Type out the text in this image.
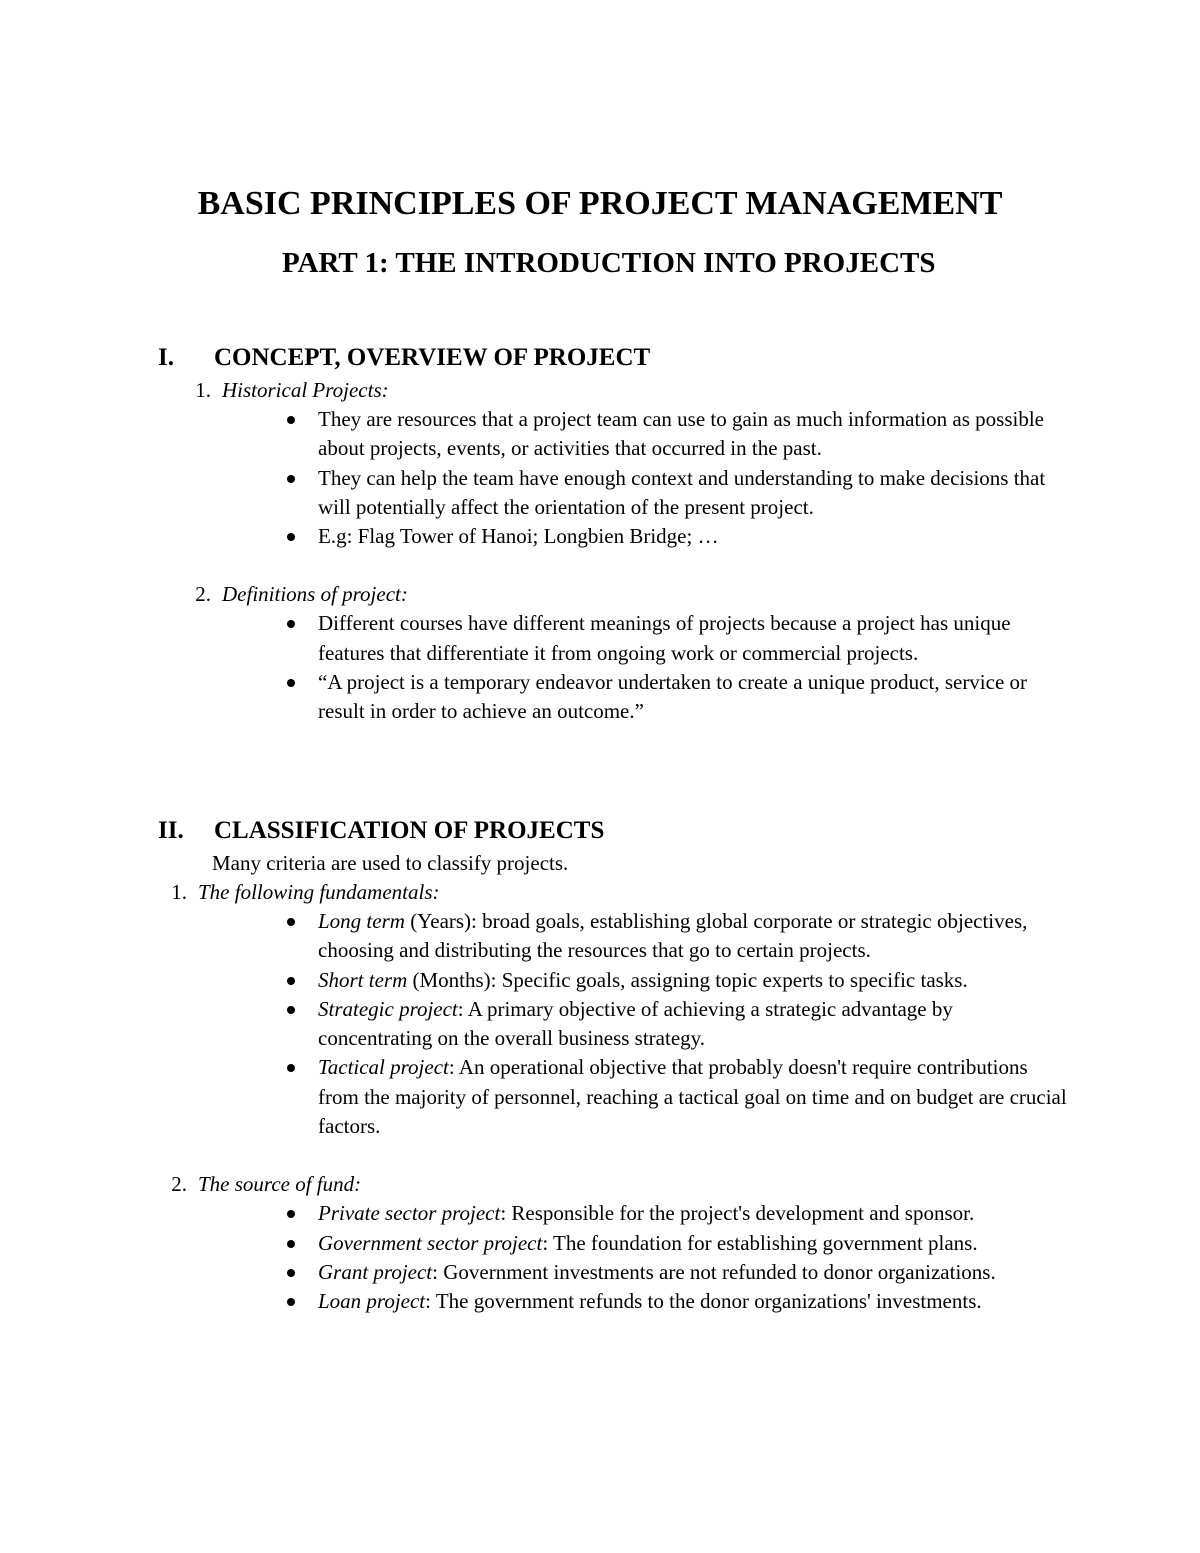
BASIC PRINCIPLES OF PROJECT MANAGEMENT
PART 1: THE INTRODUCTION INTO PROJECTS
I. CONCEPT, OVERVIEW OF PROJECT
1. Historical Projects:
They are resources that a project team can use to gain as much information as possible about projects, events, or activities that occurred in the past.
They can help the team have enough context and understanding to make decisions that will potentially affect the orientation of the present project.
E.g: Flag Tower of Hanoi; Longbien Bridge; …
2. Definitions of project:
Different courses have different meanings of projects because a project has unique features that differentiate it from ongoing work or commercial projects.
“A project is a temporary endeavor undertaken to create a unique product, service or result in order to achieve an outcome.”
II. CLASSIFICATION OF PROJECTS
Many criteria are used to classify projects.
1. The following fundamentals:
Long term (Years): broad goals, establishing global corporate or strategic objectives, choosing and distributing the resources that go to certain projects.
Short term (Months): Specific goals, assigning topic experts to specific tasks.
Strategic project: A primary objective of achieving a strategic advantage by concentrating on the overall business strategy.
Tactical project: An operational objective that probably doesn't require contributions from the majority of personnel, reaching a tactical goal on time and on budget are crucial factors.
2. The source of fund:
Private sector project: Responsible for the project's development and sponsor.
Government sector project: The foundation for establishing government plans.
Grant project: Government investments are not refunded to donor organizations.
Loan project: The government refunds to the donor organizations' investments.
